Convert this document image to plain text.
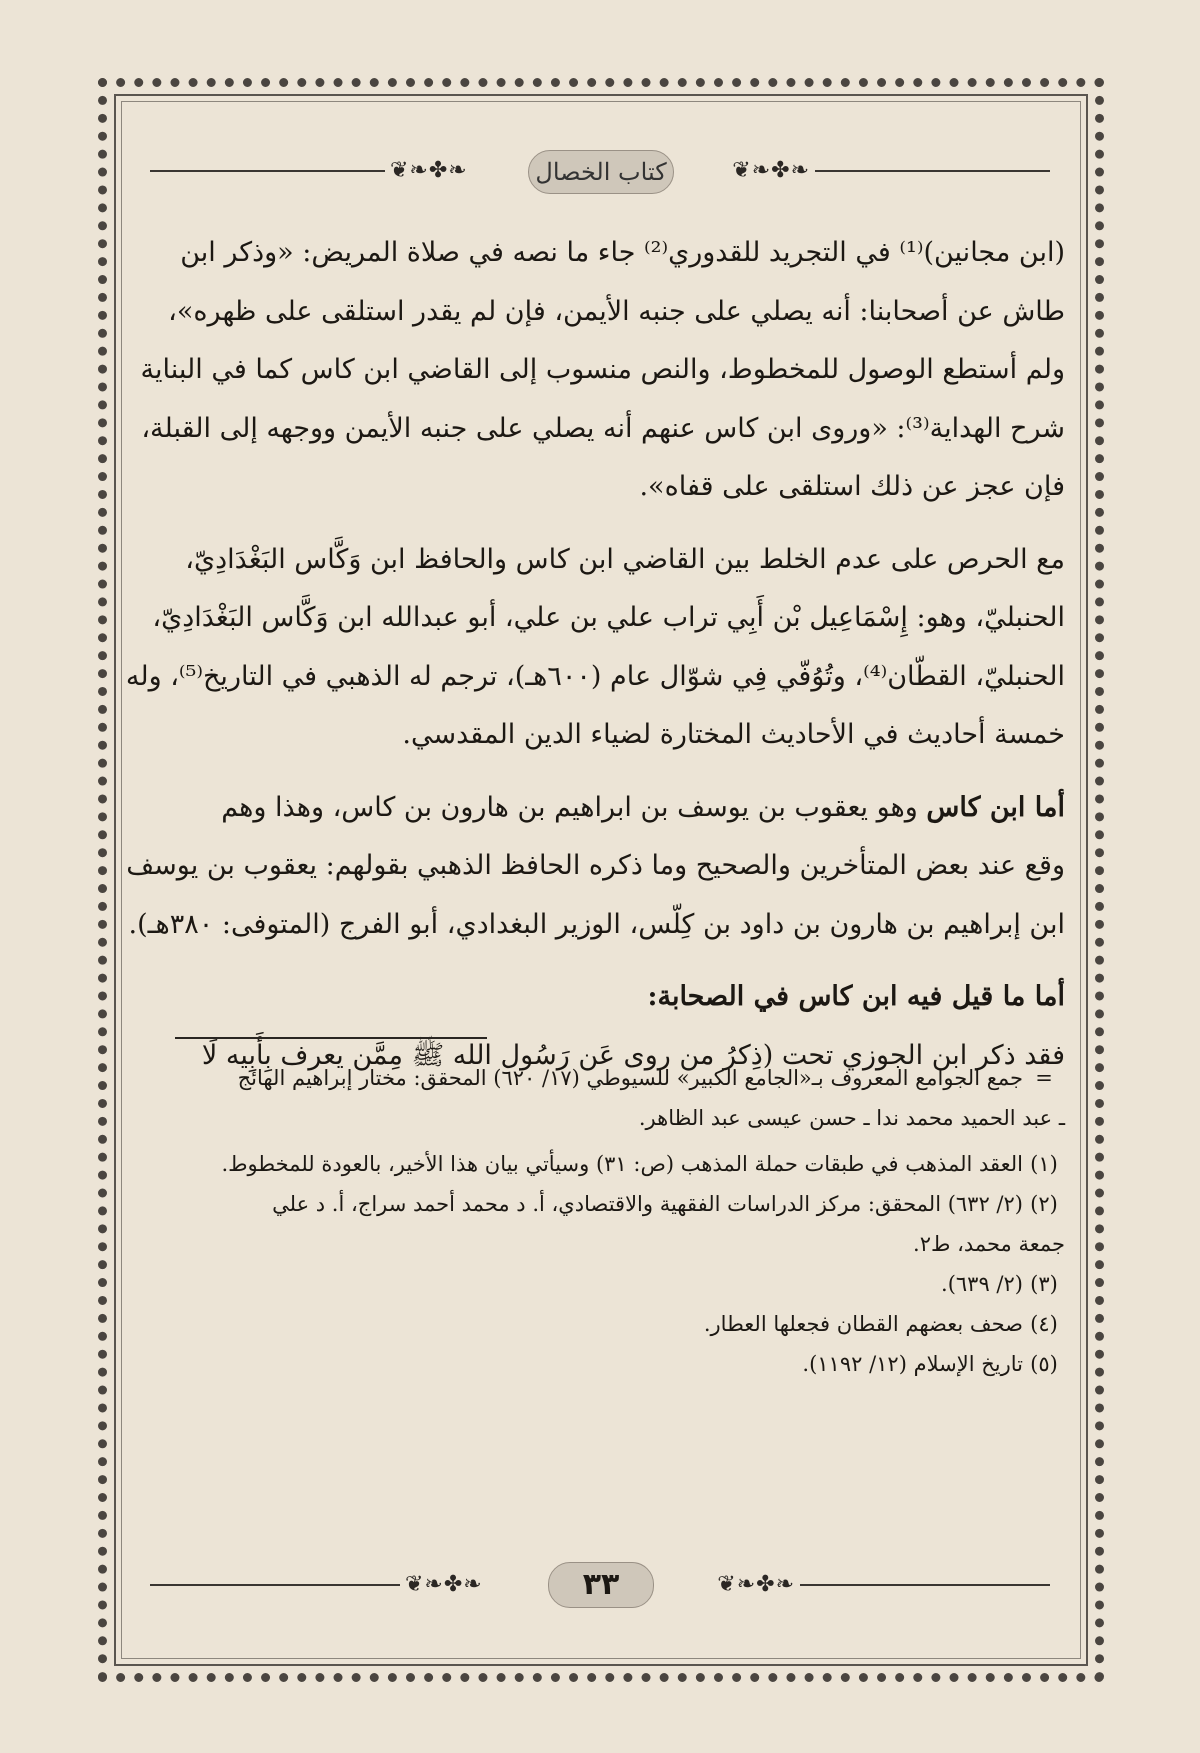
❦❧✤❧
كتاب الخصال
❦❧✤❧

(ابن مجانين)⁽¹⁾ في التجريد للقدوري⁽²⁾ جاء ما نصه في صلاة المريض: «وذكر ابن
طاش عن أصحابنا: أنه يصلي على جنبه الأيمن، فإن لم يقدر استلقى على ظهره»،
ولم أستطع الوصول للمخطوط، والنص منسوب إلى القاضي ابن كاس كما في البناية
شرح الهداية⁽³⁾: «وروى ابن كاس عنهم أنه يصلي على جنبه الأيمن ووجهه إلى القبلة،
فإن عجز عن ذلك استلقى على قفاه».

مع الحرص على عدم الخلط بين القاضي ابن كاس والحافظ ابن وَكَّاس البَغْدَادِيّ،
الحنبليّ، وهو: إِسْمَاعِيل بْن أَبِي تراب علي بن علي، أبو عبدالله ابن وَكَّاس البَغْدَادِيّ،
الحنبليّ، القطّان⁽⁴⁾، وتُوُفّي فِي شوّال عام (٦٠٠هـ)، ترجم له الذهبي في التاريخ⁽⁵⁾، وله
خمسة أحاديث في الأحاديث المختارة لضياء الدين المقدسي.

أما ابن كاس وهو يعقوب بن يوسف بن ابراهيم بن هارون بن كاس، وهذا وهم
وقع عند بعض المتأخرين والصحيح وما ذكره الحافظ الذهبي بقولهم: يعقوب بن يوسف
ابن إبراهيم بن هارون بن داود بن كِلّس، الوزير البغدادي، أبو الفرج (المتوفى: ٣٨٠هـ).

أما ما قيل فيه ابن كاس في الصحابة:
فقد ذكر ابن الجوزي تحت (ذِكرُ من روى عَن رَسُول الله ﷺ مِمَّن يعرف بِأَبِيه لَا

=
جمع الجوامع المعروف بـ«الجامع الكبير» للسيوطي (١٧/ ٦٢٠) المحقق: مختار إبراهيم الهائج
ـ عبد الحميد محمد ندا ـ حسن عيسى عبد الظاهر.
(١)
العقد المذهب في طبقات حملة المذهب (ص: ٣١) وسيأتي بيان هذا الأخير، بالعودة للمخطوط.
(٢)
(٢/ ٦٣٢) المحقق: مركز الدراسات الفقهية والاقتصادي، أ. د محمد أحمد سراج، أ. د علي
جمعة محمد، ط٢.
(٣)
(٢/ ٦٣٩).
(٤)
صحف بعضهم القطان فجعلها العطار.
(٥)
تاريخ الإسلام (١٢/ ١١٩٢).
❦❧✤❧
٣٣
❦❧✤❧
